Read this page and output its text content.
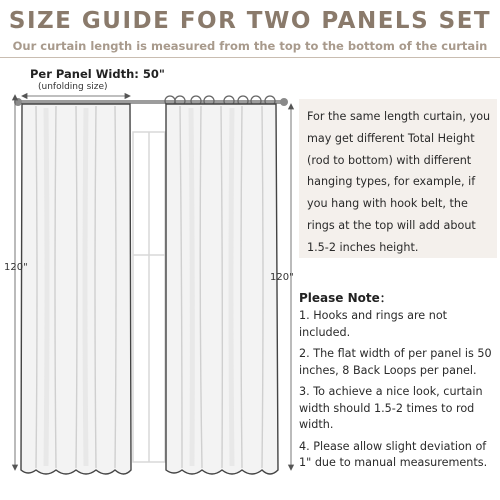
SIZE GUIDE FOR TWO PANELS SET
Our curtain length is measured from the top to the bottom of the curtain
Per Panel Width: 50"
(unfolding size)
120"
120"
For the same length curtain, you may get different Total Height (rod to bottom) with different hanging types, for example, if you hang with hook belt, the rings at the top will add about 1.5-2 inches height.
Please Note：
1. Hooks and rings are not included.
2. The flat width of per panel is 50 inches, 8 Back Loops per panel.
3. To achieve a nice look, curtain width should 1.5-2 times to rod width.
4. Please allow slight deviation of 1" due to manual measurements.
